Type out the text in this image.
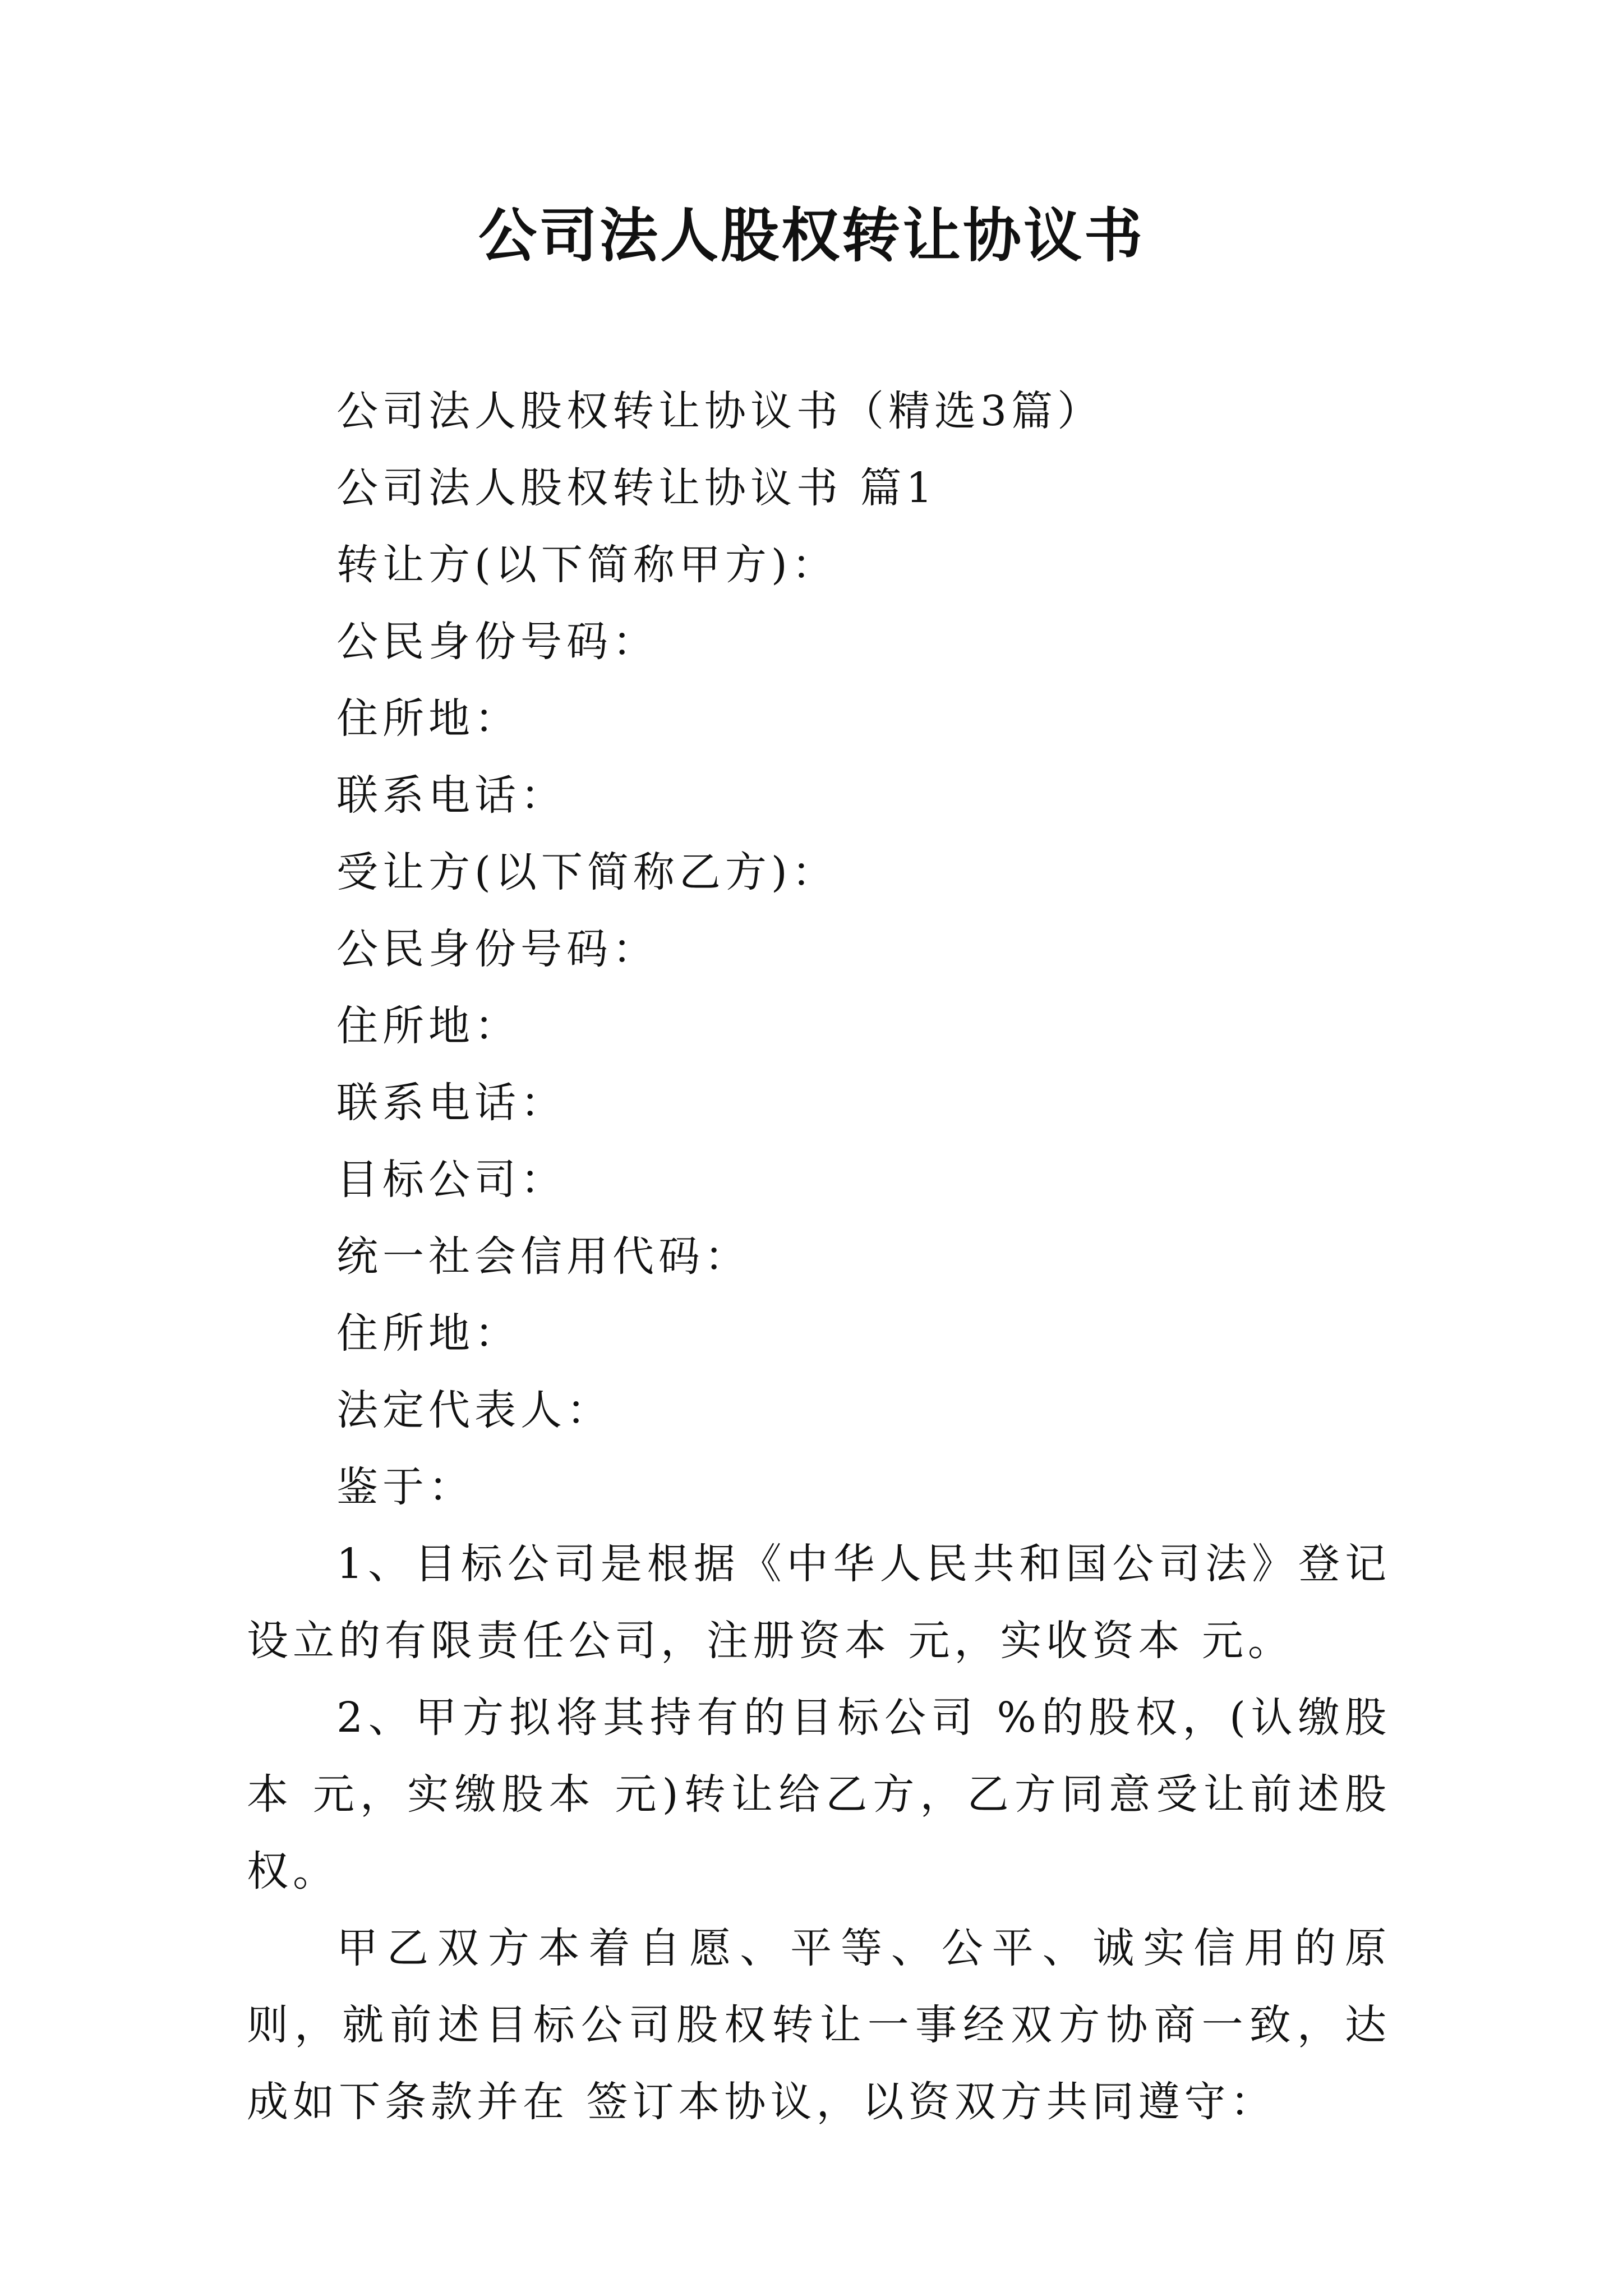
公司法人股权转让协议书
公司法人股权转让协议书（精选3篇）
公司法人股权转让协议书 篇1
转让方(以下简称甲方)：
公民身份号码：
住所地：
联系电话：
受让方(以下简称乙方)：
公民身份号码：
住所地：
联系电话：
目标公司：
统一社会信用代码：
住所地：
法定代表人：
鉴于：
1、目标公司是根据《中华人民共和国公司法》登记设立的有限责任公司，注册资本 元，实收资本 元。
2、甲方拟将其持有的目标公司 %的股权，(认缴股本 元，实缴股本 元)转让给乙方，乙方同意受让前述股权。
甲乙双方本着自愿、平等、公平、诚实信用的原则，就前述目标公司股权转让一事经双方协商一致，达成如下条款并在 签订本协议，以资双方共同遵守：
